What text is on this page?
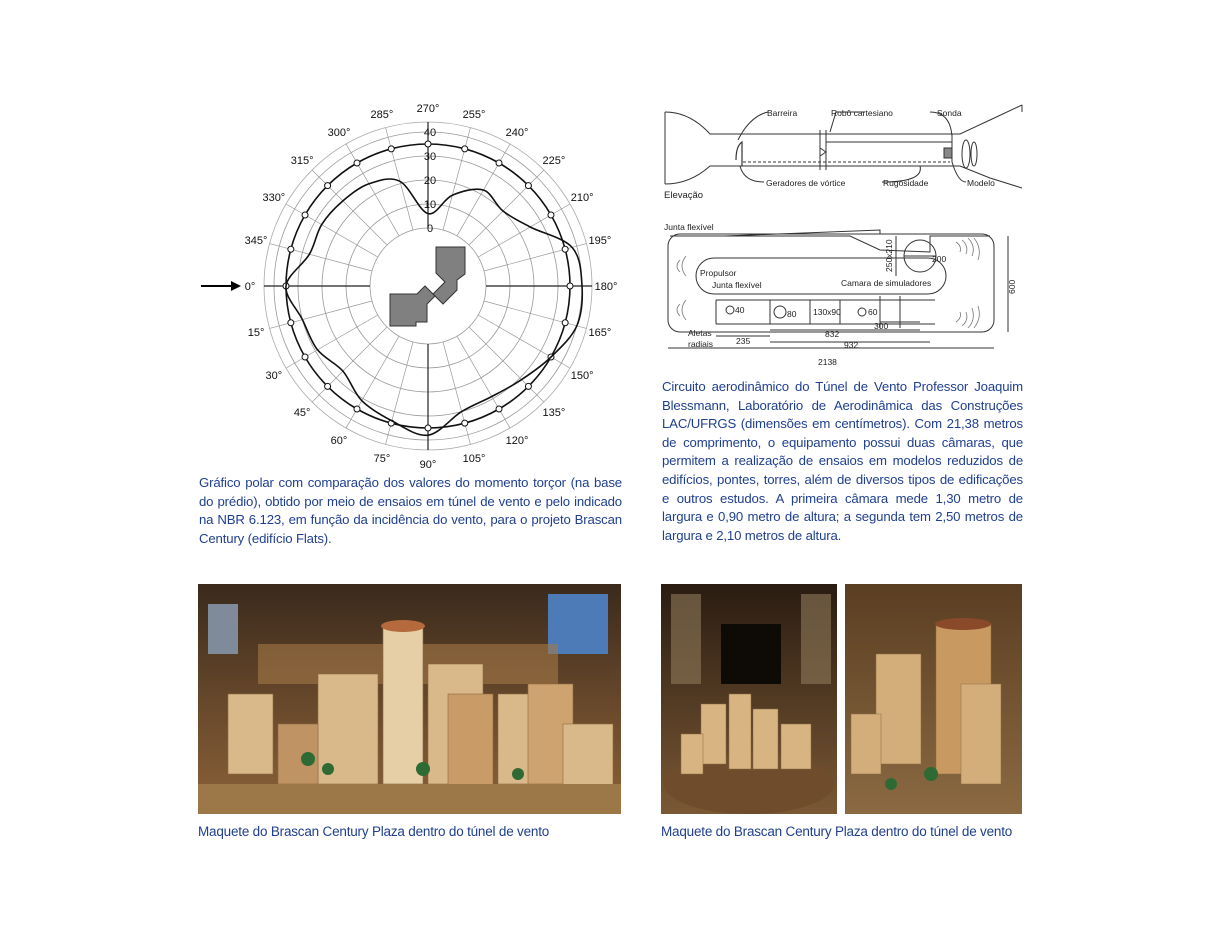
0°
15°
30°
45°
60°
75°
90°
105°
120°
135°
150°
165°
180°
195°
210°
225°
240°
255°
270°
285°
300°
315°
330°
345°
0
10
20
30
40
Gráfico polar com comparação dos valores do momento torçor (na base do prédio), obtido por meio de ensaios em túnel de vento e pelo indicado na NBR 6.123, em função da incidência do vento, para o projeto Brascan Century (edifício Flats).
Elevação
Barreira	Robô cartesiano	Sonda
Geradores de vórtice	Rugosidade	Modelo
Junta flexível
Propulsor
Junta flexível	Camara de simuladores
Aletas
radiais
40	80 130x90	60
200
250x210
600
235
832
300
932
2138
Circuito aerodinâmico do Túnel de Vento Professor Joaquim Blessmann, Laboratório de Aerodinâmica das Construções LAC/UFRGS (dimensões em centímetros). Com 21,38 metros de comprimento, o equipamento possui duas câmaras, que permitem a realização de ensaios em modelos reduzidos de edifícios, pontes, torres, além de diversos tipos de edificações e outros estudos. A primeira câmara mede 1,30 metro de largura e 0,90 metro de altura; a segunda tem 2,50 metros de largura e 2,10 metros de altura.
Maquete do Brascan Century Plaza dentro do túnel de vento	Maquete do Brascan Century Plaza dentro do túnel de vento
